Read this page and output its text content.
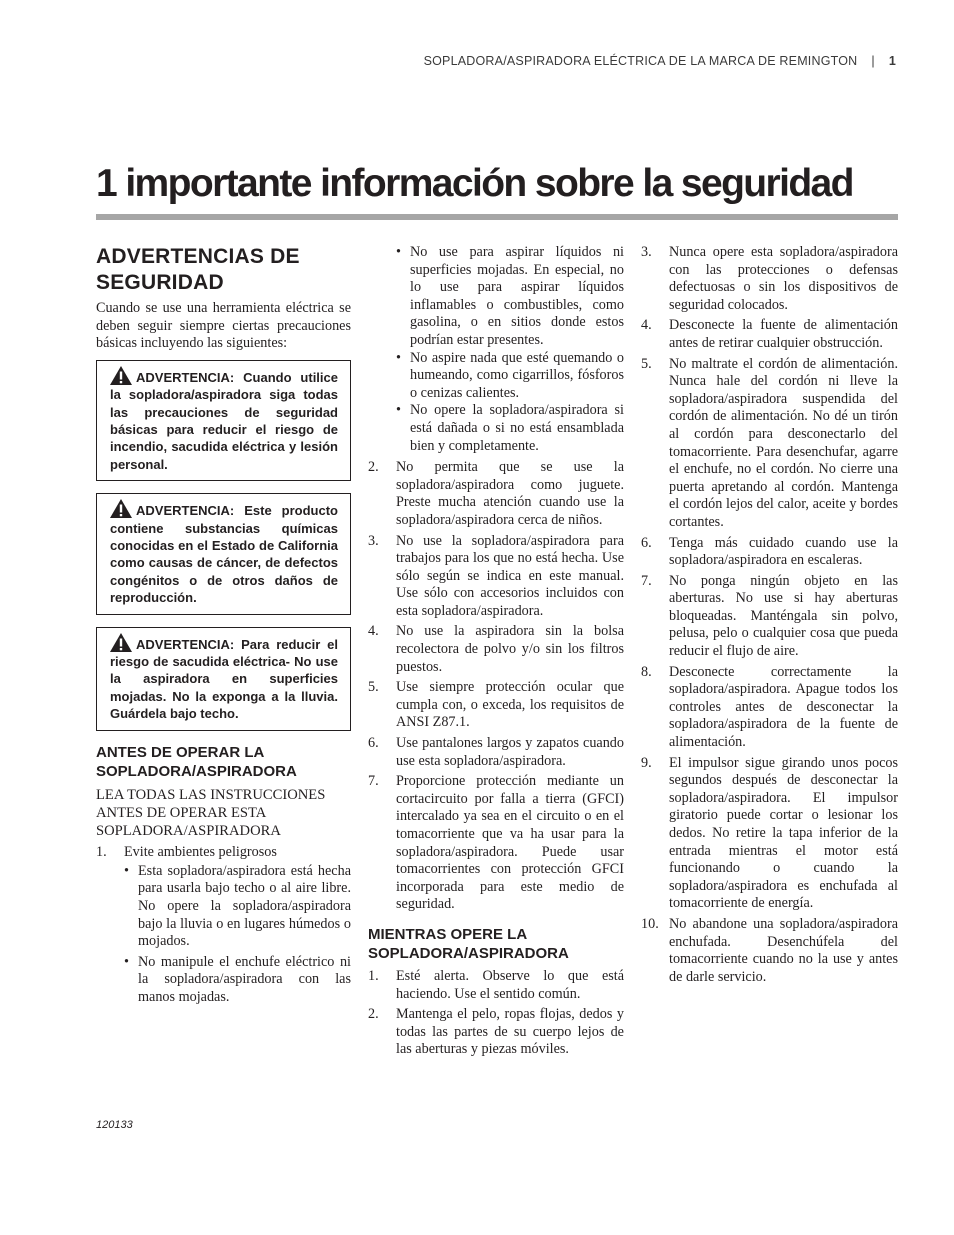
SOPLADORA/ASPIRADORA ELÉCTRICA DE LA MARCA DE REMINGTON | 1
1 importante información sobre la seguridad
ADVERTENCIAS DE SEGURIDAD

Cuando se use una herramienta eléctrica se deben seguir siempre ciertas precauciones básicas incluyendo las siguientes:

ADVERTENCIA: Cuando utilice la sopladora/aspiradora siga todas las precauciones de seguridad básicas para reducir el riesgo de incendio, sacudida eléctrica y lesión personal.
ADVERTENCIA: Este producto contiene substancias químicas conocidas en el Estado de California como causas de cáncer, de defectos congénitos o de otros daños de reproducción.
ADVERTENCIA: Para reducir el riesgo de sacudida eléctrica- No use la aspiradora en superficies mojadas. No la exponga a la lluvia. Guárdela bajo techo.
ANTES DE OPERAR LA SOPLADORA/ASPIRADORA

LEA TODAS LAS INSTRUCCIONES ANTES DE OPERAR ESTA SOPLADORA/ASPIRADORA

1. Evite ambientes peligrosos
• Esta sopladora/aspiradora está hecha para usarla bajo techo o al aire libre. No opere la sopladora/aspiradora bajo la lluvia o en lugares húmedos o mojados.
• No manipule el enchufe eléctrico ni la sopladora/aspiradora con las manos mojadas.
• No use para aspirar líquidos ni superficies mojadas. En especial, no lo use para aspirar líquidos inflamables o combustibles, como gasolina, o en sitios donde estos podrían estar presentes.
• No aspire nada que esté quemando o humeando, como cigarrillos, fósforos o cenizas calientes.
• No opere la sopladora/aspiradora si está dañada o si no está ensamblada bien y completamente.
2. No permita que se use la sopladora/aspiradora como juguete. Preste mucha atención cuando use la sopladora/aspiradora cerca de niños.
3. No use la sopladora/aspiradora para trabajos para los que no está hecha. Use sólo según se indica en este manual. Use sólo con accesorios incluidos con esta sopladora/aspiradora.
4. No use la aspiradora sin la bolsa recolectora de polvo y/o sin los filtros puestos.
5. Use siempre protección ocular que cumpla con, o exceda, los requisitos de ANSI Z87.1.
6. Use pantalones largos y zapatos cuando use esta sopladora/aspiradora.
7. Proporcione protección mediante un cortacircuito por falla a tierra (GFCI) intercalado ya sea en el circuito o en el tomacorriente que va ha usar para la sopladora/aspiradora. Puede usar tomacorrientes con protección GFCI incorporada para este medio de seguridad.
MIENTRAS OPERE LA SOPLADORA/ASPIRADORA
1. Esté alerta. Observe lo que está haciendo. Use el sentido común.
2. Mantenga el pelo, ropas flojas, dedos y todas las partes de su cuerpo lejos de las aberturas y piezas móviles.
3. Nunca opere esta sopladora/aspiradora con las protecciones o defensas defectuosas o sin los dispositivos de seguridad colocados.
4. Desconecte la fuente de alimentación antes de retirar cualquier obstrucción.
5. No maltrate el cordón de alimentación. Nunca hale del cordón ni lleve la sopladora/aspiradora suspendida del cordón de alimentación. No dé un tirón al cordón para desconectarlo del tomacorriente. Para desenchufar, agarre el enchufe, no el cordón. No cierre una puerta apretando al cordón. Mantenga el cordón lejos del calor, aceite y bordes cortantes.
6. Tenga más cuidado cuando use la sopladora/aspiradora en escaleras.
7. No ponga ningún objeto en las aberturas. No use si hay aberturas bloqueadas. Manténgala sin polvo, pelusa, pelo o cualquier cosa que pueda reducir el flujo de aire.
8. Desconecte correctamente la sopladora/aspiradora. Apague todos los controles antes de desconectar la sopladora/aspiradora de la fuente de alimentación.
9. El impulsor sigue girando unos pocos segundos después de desconectar la sopladora/aspiradora. El impulsor giratorio puede cortar o lesionar los dedos. No retire la tapa inferior de la entrada mientras el motor está funcionando o cuando la sopladora/aspiradora es enchufada al tomacorriente de energía.
10. No abandone una sopladora/aspiradora enchufada. Desenchúfela del tomacorriente cuando no la use y antes de darle servicio.
120133
